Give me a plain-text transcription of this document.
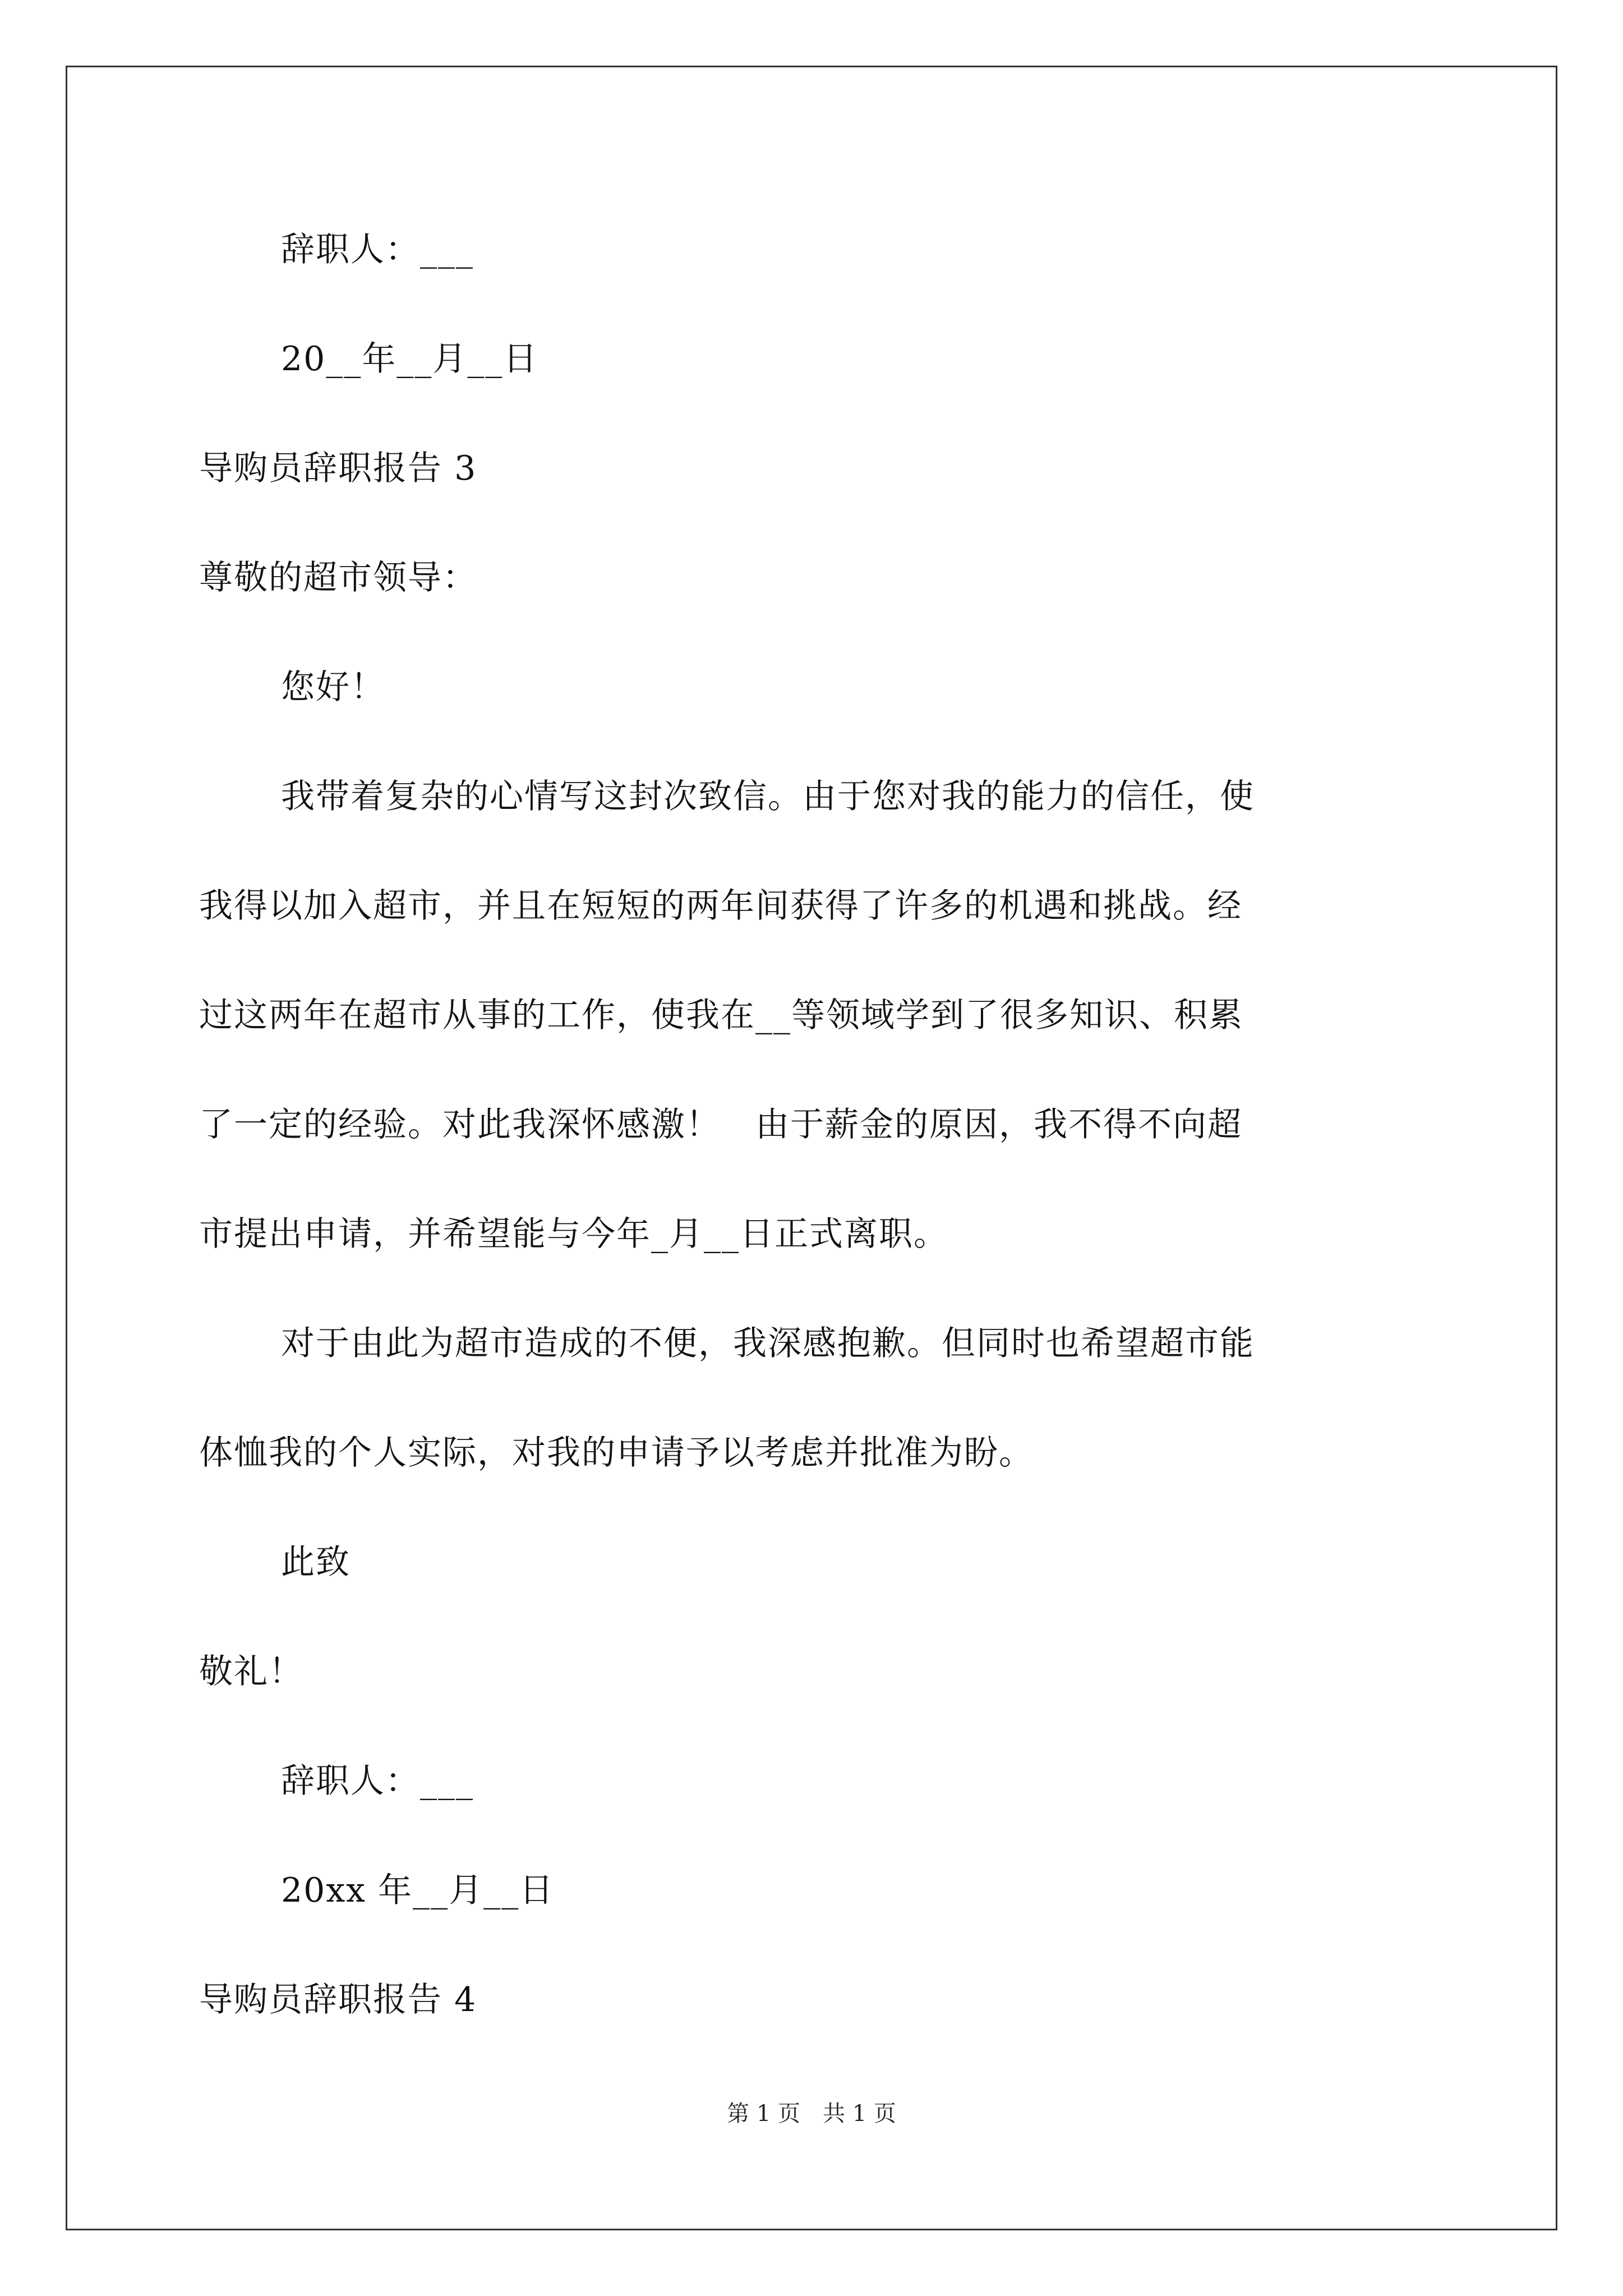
辞职人：___
20__年__月__日
导购员辞职报告 3
尊敬的超市领导：
您好！
我带着复杂的心情写这封次致信。由于您对我的能力的信任，使
我得以加入超市，并且在短短的两年间获得了许多的机遇和挑战。经
过这两年在超市从事的工作，使我在__等领域学到了很多知识、积累
了一定的经验。对此我深怀感激！　由于薪金的原因，我不得不向超
市提出申请，并希望能与今年_月__日正式离职。
对于由此为超市造成的不便，我深感抱歉。但同时也希望超市能
体恤我的个人实际，对我的申请予以考虑并批准为盼。
此致
敬礼！
辞职人：___
20xx 年__月__日
导购员辞职报告 4
第 1 页　共 1 页
